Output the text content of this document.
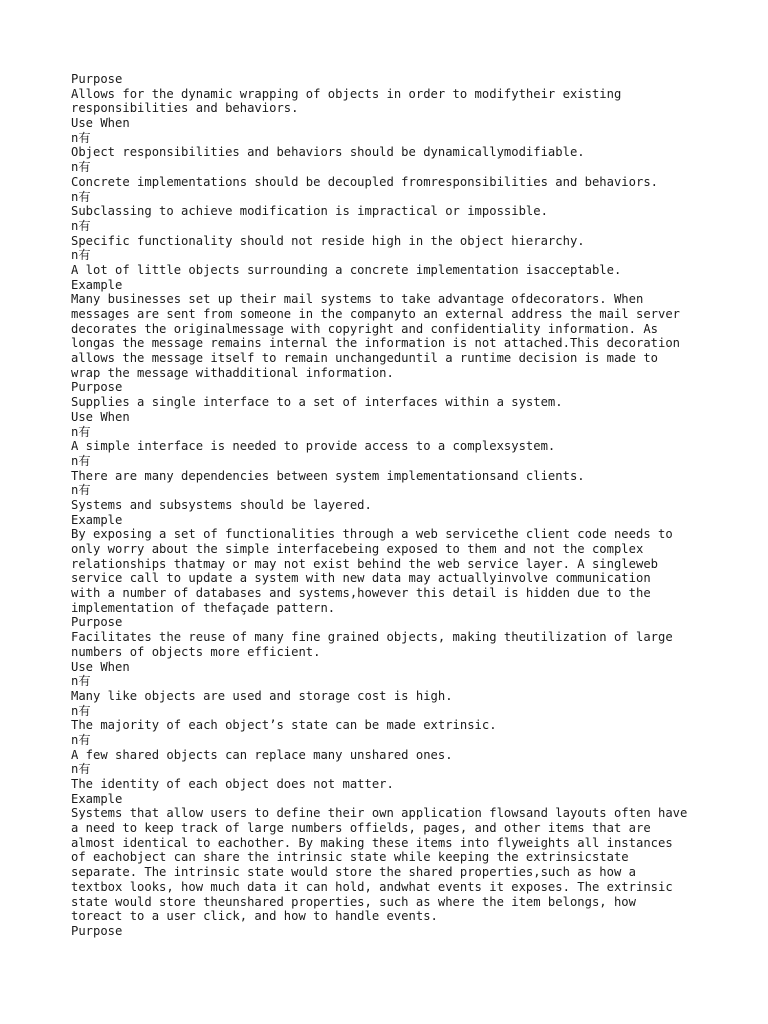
Purpose
Allows for the dynamic wrapping of objects in order to modifytheir existing
responsibilities and behaviors.
Use When
n有
Object responsibilities and behaviors should be dynamicallymodifiable.
n有
Concrete implementations should be decoupled fromresponsibilities and behaviors.
n有
Subclassing to achieve modification is impractical or impossible.
n有
Specific functionality should not reside high in the object hierarchy.
n有
A lot of little objects surrounding a concrete implementation isacceptable.
Example
Many businesses set up their mail systems to take advantage ofdecorators. When
messages are sent from someone in the companyto an external address the mail server
decorates the originalmessage with copyright and confidentiality information. As
longas the message remains internal the information is not attached.This decoration
allows the message itself to remain unchangeduntil a runtime decision is made to
wrap the message withadditional information.
Purpose
Supplies a single interface to a set of interfaces within a system.
Use When
n有
A simple interface is needed to provide access to a complexsystem.
n有
There are many dependencies between system implementationsand clients.
n有
Systems and subsystems should be layered.
Example
By exposing a set of functionalities through a web servicethe client code needs to
only worry about the simple interfacebeing exposed to them and not the complex
relationships thatmay or may not exist behind the web service layer. A singleweb
service call to update a system with new data may actuallyinvolve communication
with a number of databases and systems,however this detail is hidden due to the
implementation of thefaçade pattern.
Purpose
Facilitates the reuse of many fine grained objects, making theutilization of large
numbers of objects more efficient.
Use When
n有
Many like objects are used and storage cost is high.
n有
The majority of each object’s state can be made extrinsic.
n有
A few shared objects can replace many unshared ones.
n有
The identity of each object does not matter.
Example
Systems that allow users to define their own application flowsand layouts often have
a need to keep track of large numbers offields, pages, and other items that are
almost identical to eachother. By making these items into flyweights all instances
of eachobject can share the intrinsic state while keeping the extrinsicstate
separate. The intrinsic state would store the shared properties,such as how a
textbox looks, how much data it can hold, andwhat events it exposes. The extrinsic
state would store theunshared properties, such as where the item belongs, how
toreact to a user click, and how to handle events.
Purpose
